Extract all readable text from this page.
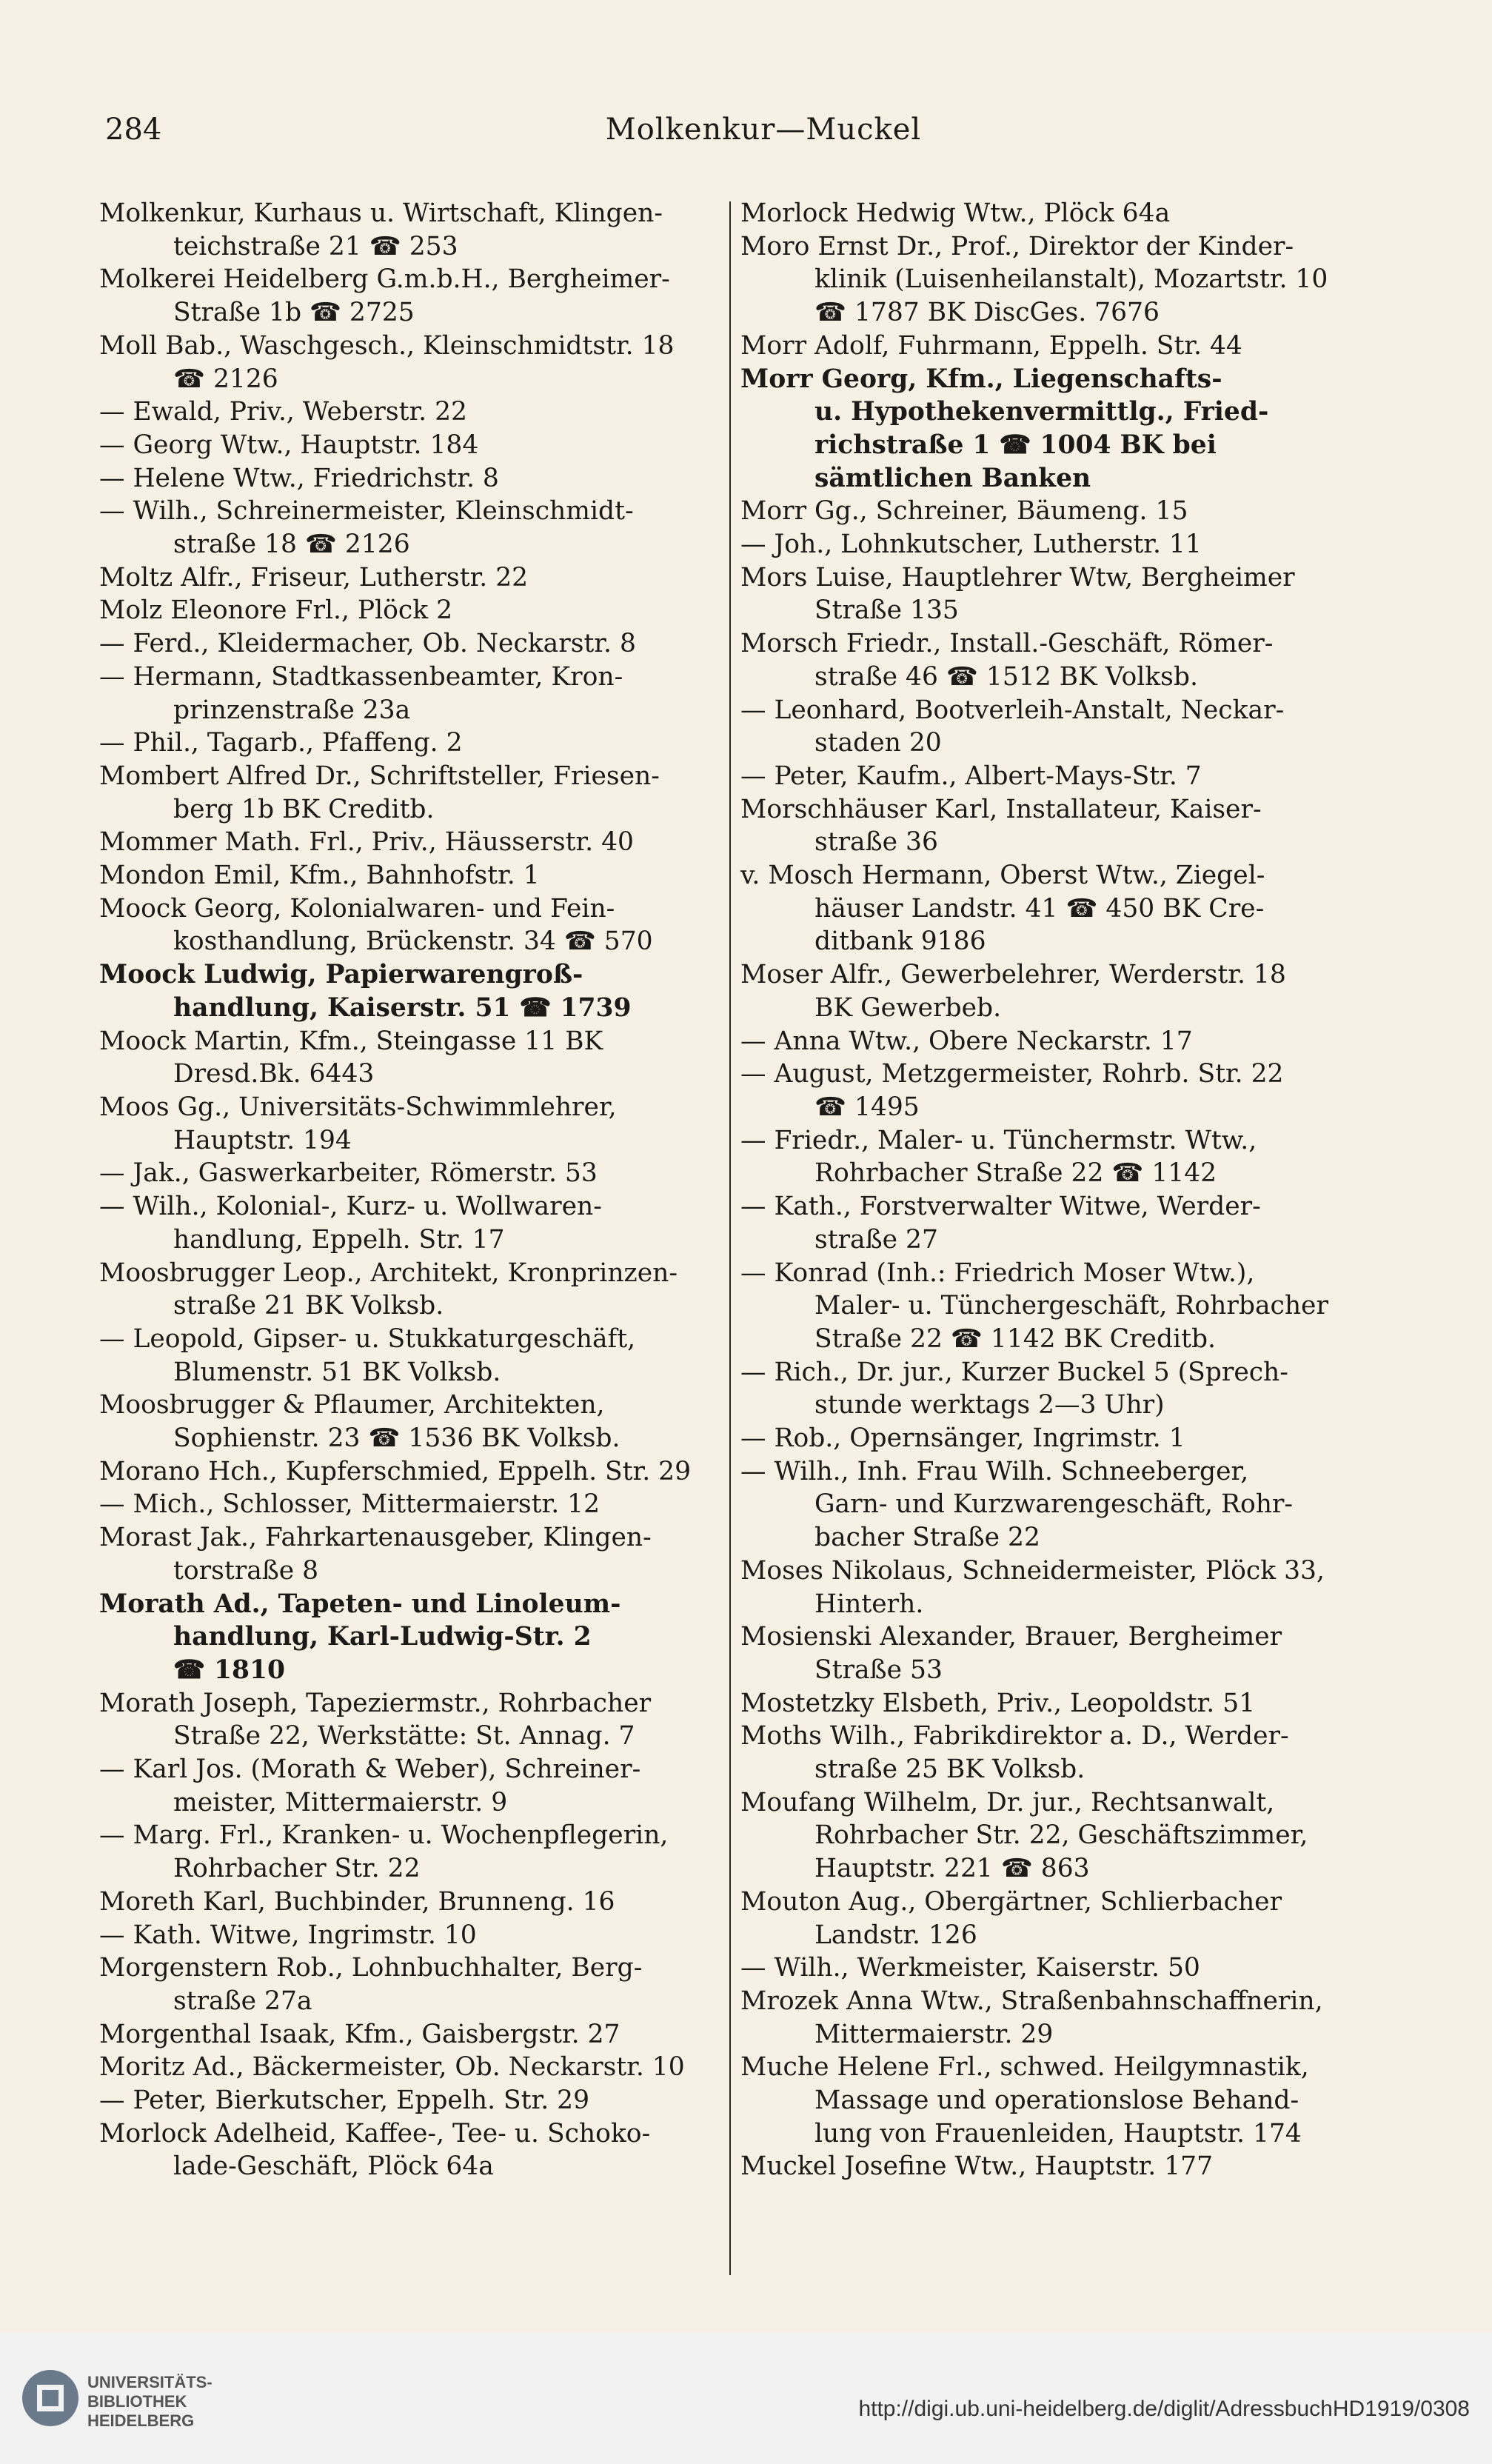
284	Molkenkur—Muckel
Molkenkur, Kurhaus u. Wirtschaft, Klingen-
teichstraße 21 ☎ 253
Molkerei Heidelberg G.m.b.H., Bergheimer-
Straße 1b ☎ 2725
Moll Bab., Waschgesch., Kleinschmidtstr. 18
☎ 2126
— Ewald, Priv., Weberstr. 22
— Georg Wtw., Hauptstr. 184
— Helene Wtw., Friedrichstr. 8
— Wilh., Schreinermeister, Kleinschmidt-
straße 18 ☎ 2126
Moltz Alfr., Friseur, Lutherstr. 22
Molz Eleonore Frl., Plöck 2
— Ferd., Kleidermacher, Ob. Neckarstr. 8
— Hermann, Stadtkassenbeamter, Kron-
prinzenstraße 23a
— Phil., Tagarb., Pfaffeng. 2
Mombert Alfred Dr., Schriftsteller, Friesen-
berg 1b BK Creditb.
Mommer Math. Frl., Priv., Häusserstr. 40
Mondon Emil, Kfm., Bahnhofstr. 1
Moock Georg, Kolonialwaren- und Fein-
kosthandlung, Brückenstr. 34 ☎ 570
Moock Ludwig, Papierwarengroß-
handlung, Kaiserstr. 51 ☎ 1739
Moock Martin, Kfm., Steingasse 11 BK
Dresd.Bk. 6443
Moos Gg., Universitäts-Schwimmlehrer,
Hauptstr. 194
— Jak., Gaswerkarbeiter, Römerstr. 53
— Wilh., Kolonial-, Kurz- u. Wollwaren-
handlung, Eppelh. Str. 17
Moosbrugger Leop., Architekt, Kronprinzen-
straße 21 BK Volksb.
— Leopold, Gipser- u. Stukkaturgeschäft,
Blumenstr. 51 BK Volksb.
Moosbrugger & Pflaumer, Architekten,
Sophienstr. 23 ☎ 1536 BK Volksb.
Morano Hch., Kupferschmied, Eppelh. Str. 29
— Mich., Schlosser, Mittermaierstr. 12
Morast Jak., Fahrkartenausgeber, Klingen-
torstraße 8
Morath Ad., Tapeten- und Linoleum-
handlung, Karl-Ludwig-Str. 2
☎ 1810
Morath Joseph, Tapeziermstr., Rohrbacher
Straße 22, Werkstätte: St. Annag. 7
— Karl Jos. (Morath & Weber), Schreiner-
meister, Mittermaierstr. 9
— Marg. Frl., Kranken- u. Wochenpflegerin,
Rohrbacher Str. 22
Moreth Karl, Buchbinder, Brunneng. 16
— Kath. Witwe, Ingrimstr. 10
Morgenstern Rob., Lohnbuchhalter, Berg-
straße 27a
Morgenthal Isaak, Kfm., Gaisbergstr. 27
Moritz Ad., Bäckermeister, Ob. Neckarstr. 10
— Peter, Bierkutscher, Eppelh. Str. 29
Morlock Adelheid, Kaffee-, Tee- u. Schoko-
lade-Geschäft, Plöck 64a
Morlock Hedwig Wtw., Plöck 64a
Moro Ernst Dr., Prof., Direktor der Kinder-
klinik (Luisenheilanstalt), Mozartstr. 10
☎ 1787 BK DiscGes. 7676
Morr Adolf, Fuhrmann, Eppelh. Str. 44
Morr Georg, Kfm., Liegenschafts-
u. Hypothekenvermittlg., Fried-
richstraße 1 ☎ 1004 BK bei
sämtlichen Banken
Morr Gg., Schreiner, Bäumeng. 15
— Joh., Lohnkutscher, Lutherstr. 11
Mors Luise, Hauptlehrer Wtw, Bergheimer
Straße 135
Morsch Friedr., Install.-Geschäft, Römer-
straße 46 ☎ 1512 BK Volksb.
— Leonhard, Bootverleih-Anstalt, Neckar-
staden 20
— Peter, Kaufm., Albert-Mays-Str. 7
Morschhäuser Karl, Installateur, Kaiser-
straße 36
v. Mosch Hermann, Oberst Wtw., Ziegel-
häuser Landstr. 41 ☎ 450 BK Cre-
ditbank 9186
Moser Alfr., Gewerbelehrer, Werderstr. 18
BK Gewerbeb.
— Anna Wtw., Obere Neckarstr. 17
— August, Metzgermeister, Rohrb. Str. 22
☎ 1495
— Friedr., Maler- u. Tünchermstr. Wtw.,
Rohrbacher Straße 22 ☎ 1142
— Kath., Forstverwalter Witwe, Werder-
straße 27
— Konrad (Inh.: Friedrich Moser Wtw.),
Maler- u. Tünchergeschäft, Rohrbacher
Straße 22 ☎ 1142 BK Creditb.
— Rich., Dr. jur., Kurzer Buckel 5 (Sprech-
stunde werktags 2—3 Uhr)
— Rob., Opernsänger, Ingrimstr. 1
— Wilh., Inh. Frau Wilh. Schneeberger,
Garn- und Kurzwarengeschäft, Rohr-
bacher Straße 22
Moses Nikolaus, Schneidermeister, Plöck 33,
Hinterh.
Mosienski Alexander, Brauer, Bergheimer
Straße 53
Mostetzky Elsbeth, Priv., Leopoldstr. 51
Moths Wilh., Fabrikdirektor a. D., Werder-
straße 25 BK Volksb.
Moufang Wilhelm, Dr. jur., Rechtsanwalt,
Rohrbacher Str. 22, Geschäftszimmer,
Hauptstr. 221 ☎ 863
Mouton Aug., Obergärtner, Schlierbacher
Landstr. 126
— Wilh., Werkmeister, Kaiserstr. 50
Mrozek Anna Wtw., Straßenbahnschaffnerin,
Mittermaierstr. 29
Muche Helene Frl., schwed. Heilgymnastik,
Massage und operationslose Behand-
lung von Frauenleiden, Hauptstr. 174
Muckel Josefine Wtw., Hauptstr. 177
UNIVERSITÄTS-
BIBLIOTHEK
HEIDELBERG	http://digi.ub.uni-heidelberg.de/diglit/AdressbuchHD1919/0308
